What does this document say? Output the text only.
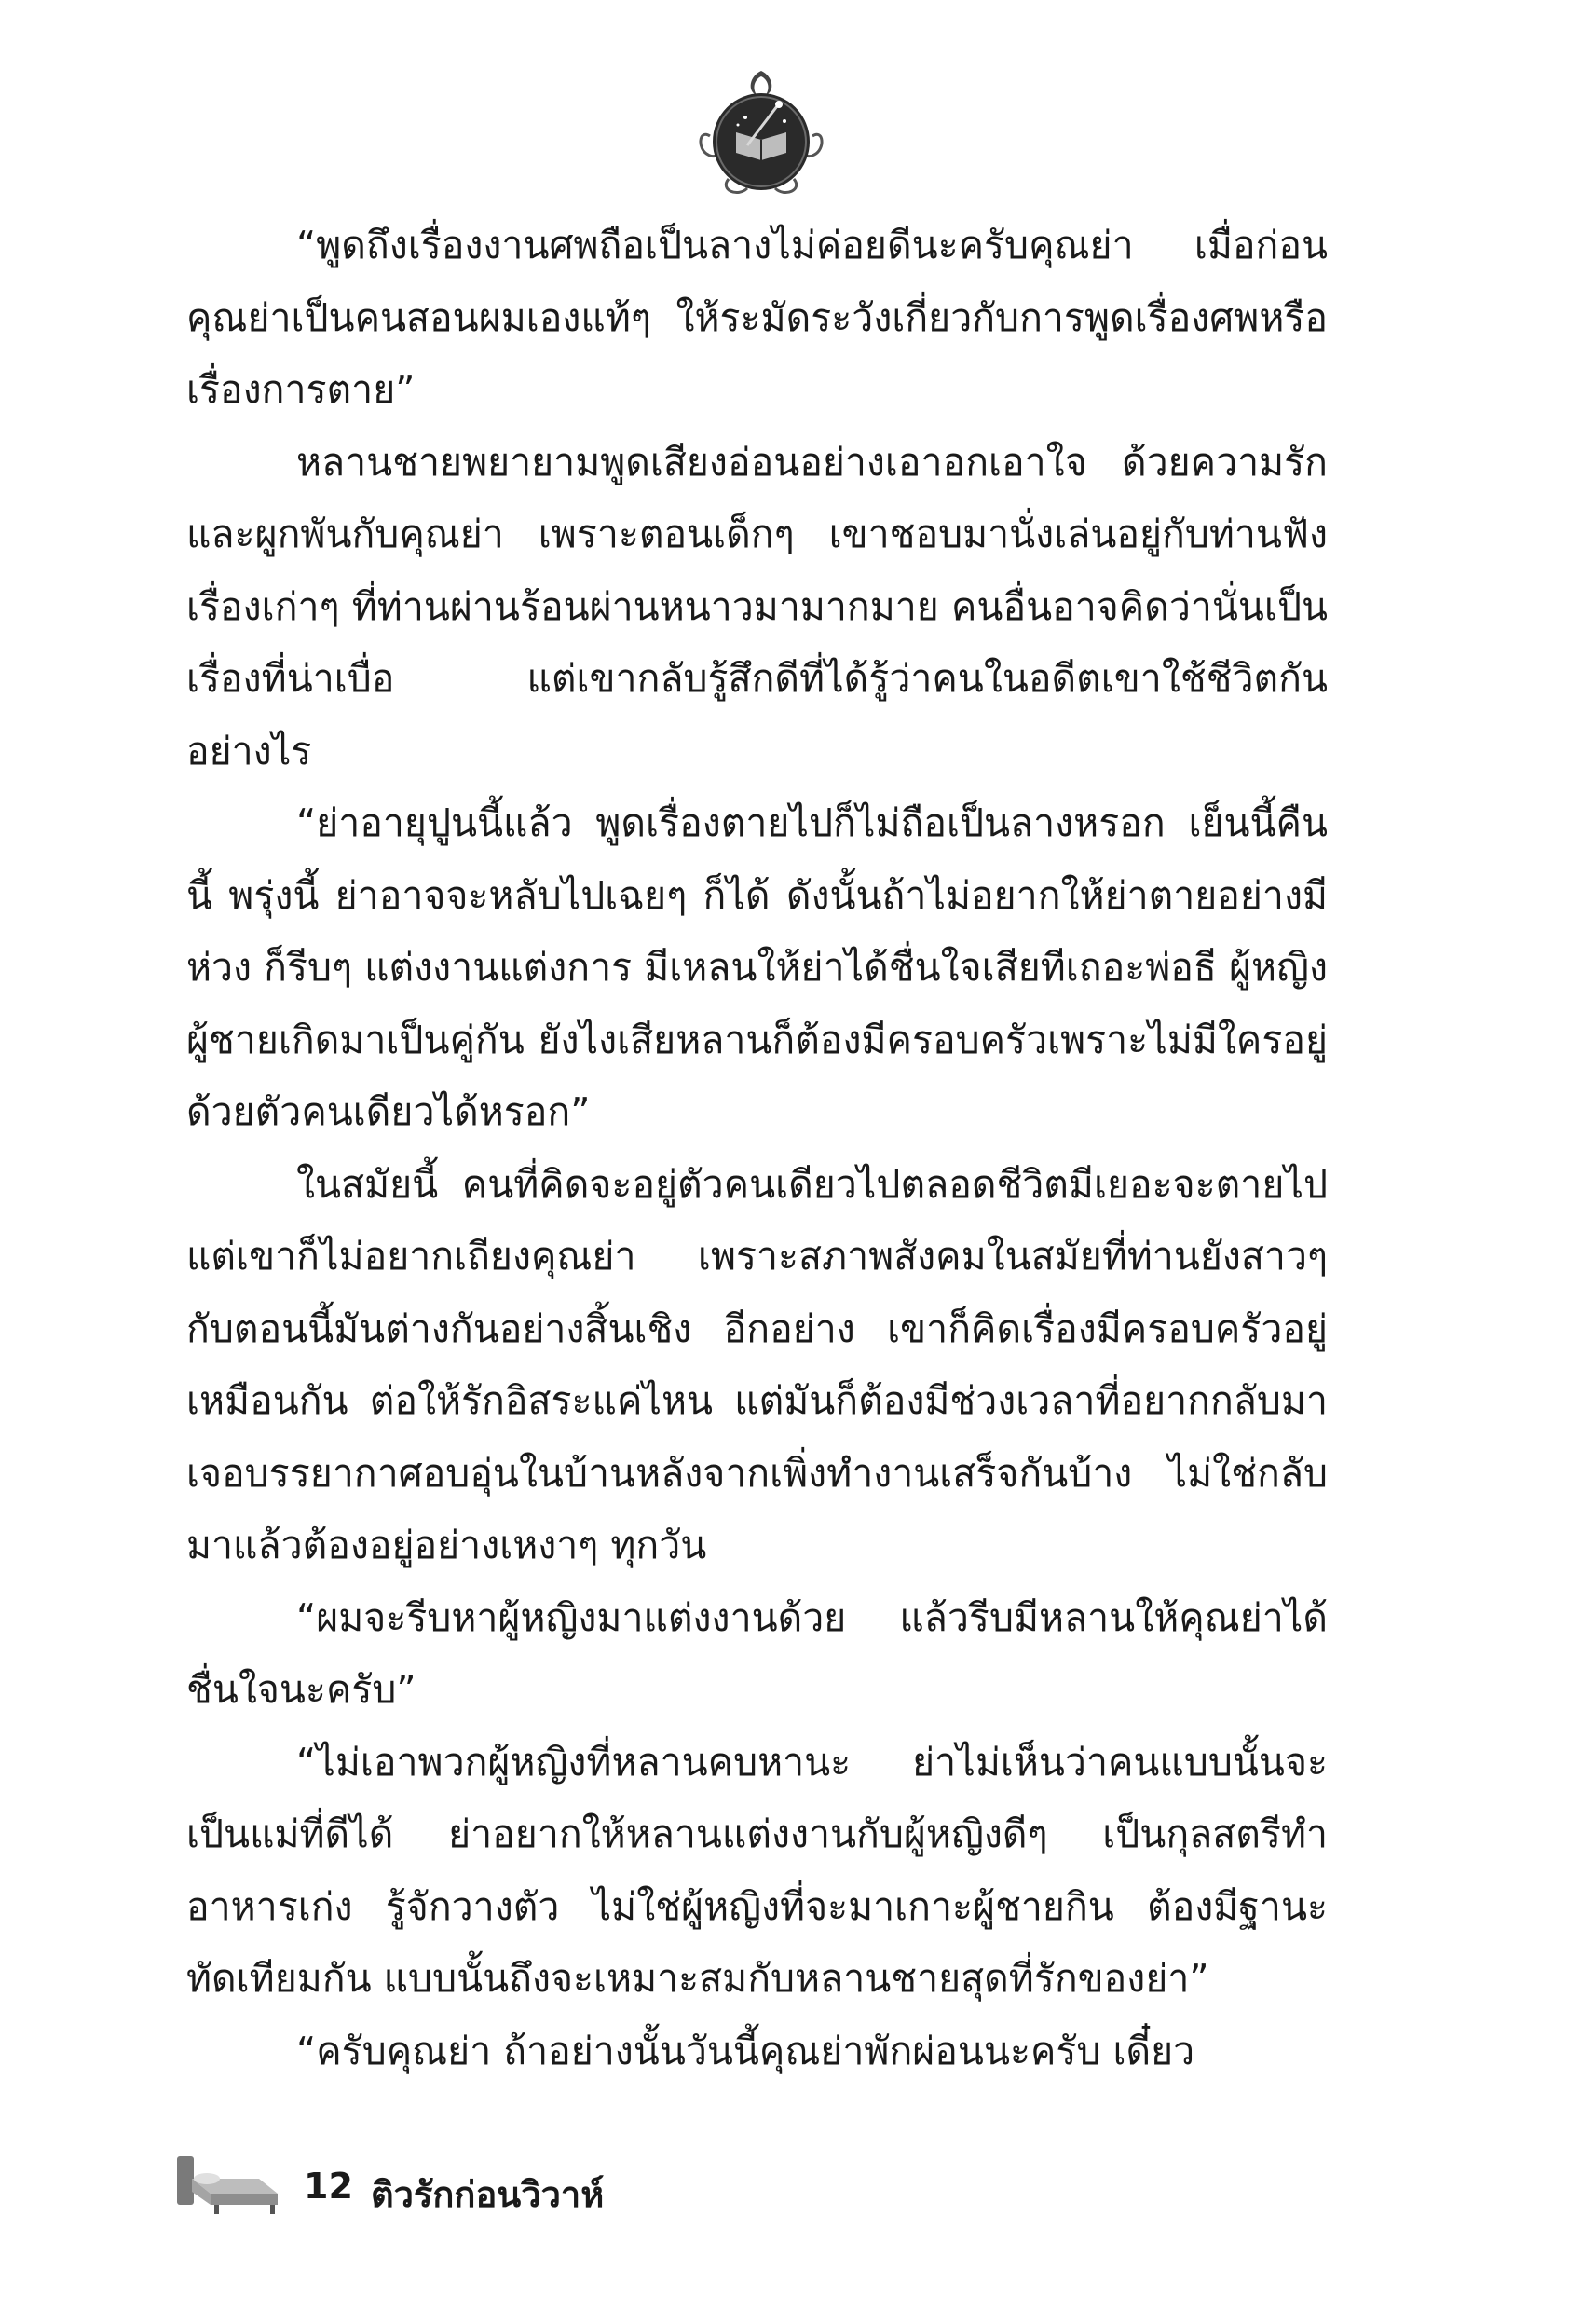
“พูดถึงเรื่องงานศพถือเป็นลางไม่ค่อยดีนะครับคุณย่า เมื่อก่อนคุณย่าเป็นคนสอนผมเองแท้ๆ ให้ระมัดระวังเกี่ยวกับการพูดเรื่องศพหรือเรื่องการตาย”

หลานชายพยายามพูดเสียงอ่อนอย่างเอาอกเอาใจ ด้วยความรักและผูกพันกับคุณย่า เพราะตอนเด็กๆ เขาชอบมานั่งเล่นอยู่กับท่านฟังเรื่องเก่าๆ ที่ท่านผ่านร้อนผ่านหนาวมามากมาย คนอื่นอาจคิดว่านั่นเป็นเรื่องที่น่าเบื่อ แต่เขากลับรู้สึกดีที่ได้รู้ว่าคนในอดีตเขาใช้ชีวิตกันอย่างไร

“ย่าอายุปูนนี้แล้ว พูดเรื่องตายไปก็ไม่ถือเป็นลางหรอก เย็นนี้คืนนี้ พรุ่งนี้ ย่าอาจจะหลับไปเฉยๆ ก็ได้ ดังนั้นถ้าไม่อยากให้ย่าตายอย่างมีห่วง ก็รีบๆ แต่งงานแต่งการ มีเหลนให้ย่าได้ชื่นใจเสียทีเถอะพ่อธี ผู้หญิงผู้ชายเกิดมาเป็นคู่กัน ยังไงเสียหลานก็ต้องมีครอบครัวเพราะไม่มีใครอยู่ด้วยตัวคนเดียวได้หรอก”

ในสมัยนี้ คนที่คิดจะอยู่ตัวคนเดียวไปตลอดชีวิตมีเยอะจะตายไป แต่เขาก็ไม่อยากเถียงคุณย่า เพราะสภาพสังคมในสมัยที่ท่านยังสาวๆ กับตอนนี้มันต่างกันอย่างสิ้นเชิง อีกอย่าง เขาก็คิดเรื่องมีครอบครัวอยู่เหมือนกัน ต่อให้รักอิสระแค่ไหน แต่มันก็ต้องมีช่วงเวลาที่อยากกลับมาเจอบรรยากาศอบอุ่นในบ้านหลังจากเพิ่งทำงานเสร็จกันบ้าง ไม่ใช่กลับมาแล้วต้องอยู่อย่างเหงาๆ ทุกวัน

“ผมจะรีบหาผู้หญิงมาแต่งงานด้วย แล้วรีบมีหลานให้คุณย่าได้ชื่นใจนะครับ”

“ไม่เอาพวกผู้หญิงที่หลานคบหานะ ย่าไม่เห็นว่าคนแบบนั้นจะเป็นแม่ที่ดีได้ ย่าอยากให้หลานแต่งงานกับผู้หญิงดีๆ เป็นกุลสตรีทำอาหารเก่ง รู้จักวางตัว ไม่ใช่ผู้หญิงที่จะมาเกาะผู้ชายกิน ต้องมีฐานะทัดเทียมกัน แบบนั้นถึงจะเหมาะสมกับหลานชายสุดที่รักของย่า”

“ครับคุณย่า ถ้าอย่างนั้นวันนี้คุณย่าพักผ่อนนะครับ เดี๋ยว

12 ติวรักก่อนวิวาห์
